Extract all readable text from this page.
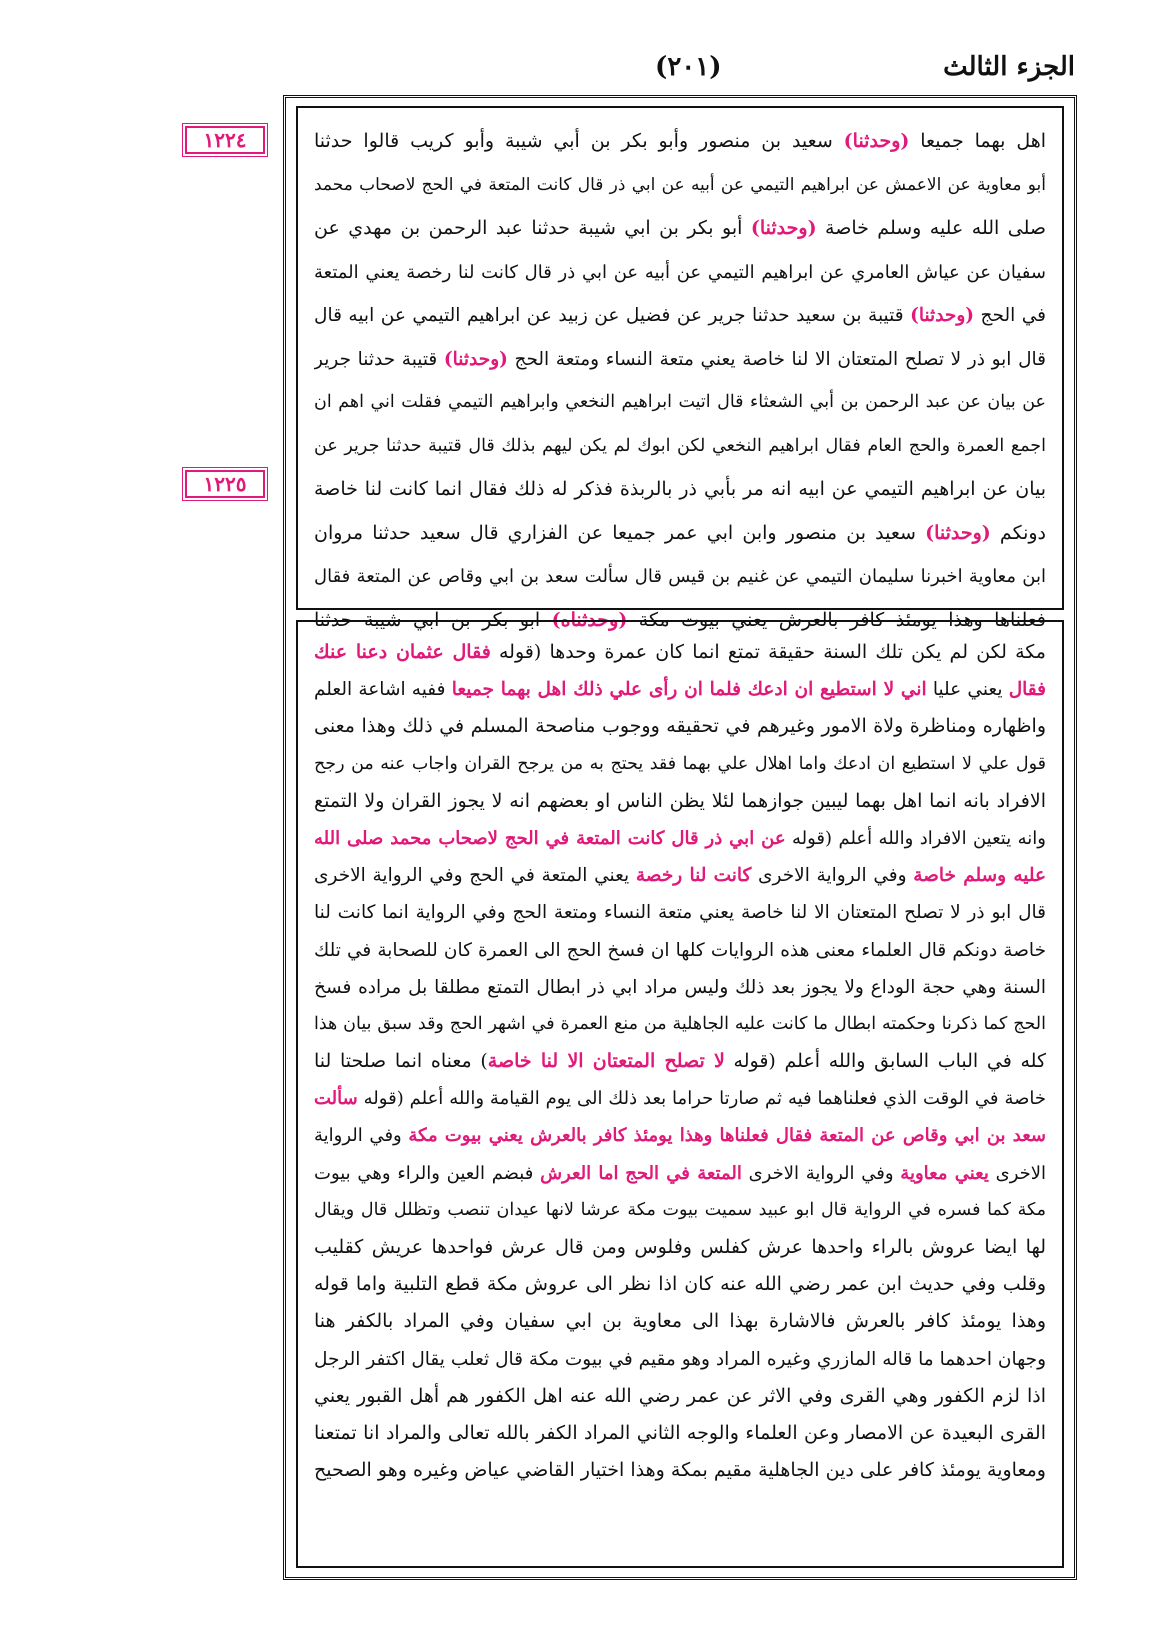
الجزء الثالث
(٢٠١)
١٢٢٤
١٢٢٥
اهل بهما جميعا (وحدثنا) سعيد بن منصور وأبو بكر بن أبي شيبة وأبو كريب قالوا حدثنا
أبو معاوية عن الاعمش عن ابراهيم التيمي عن أبيه عن ابي ذر قال كانت المتعة في الحج لاصحاب محمد
صلى الله عليه وسلم خاصة (وحدثنا) أبو بكر بن ابي شيبة حدثنا عبد الرحمن بن مهدي عن
سفيان عن عياش العامري عن ابراهيم التيمي عن أبيه عن ابي ذر قال كانت لنا رخصة يعني المتعة
في الحج (وحدثنا) قتيبة بن سعيد حدثنا جرير عن فضيل عن زبيد عن ابراهيم التيمي عن ابيه قال
قال ابو ذر لا تصلح المتعتان الا لنا خاصة يعني متعة النساء ومتعة الحج (وحدثنا) قتيبة حدثنا جرير
عن بيان عن عبد الرحمن بن أبي الشعثاء قال اتيت ابراهيم النخعي وابراهيم التيمي فقلت اني اهم ان
اجمع العمرة والحج العام فقال ابراهيم النخعي لكن ابوك لم يكن ليهم بذلك قال قتيبة حدثنا جرير عن
بيان عن ابراهيم التيمي عن ابيه انه مر بأبي ذر بالربذة فذكر له ذلك فقال انما كانت لنا خاصة
دونكم (وحدثنا) سعيد بن منصور وابن ابي عمر جميعا عن الفزاري قال سعيد حدثنا مروان
ابن معاوية اخبرنا سليمان التيمي عن غنيم بن قيس قال سألت سعد بن ابي وقاص عن المتعة فقال
فعلناها وهذا يومئذ كافر بالعرش يعني بيوت مكة (وحدثناه) ابو بكر بن ابي شيبة حدثنا
مكة لكن لم يكن تلك السنة حقيقة تمتع انما كان عمرة وحدها (قوله فقال عثمان دعنا عنك
فقال يعني عليا اني لا استطيع ان ادعك فلما ان رأى علي ذلك اهل بهما جميعا ففيه اشاعة العلم
واظهاره ومناظرة ولاة الامور وغيرهم في تحقيقه ووجوب مناصحة المسلم في ذلك وهذا معنى
قول علي لا استطيع ان ادعك واما اهلال علي بهما فقد يحتج به من يرجح القران واجاب عنه من رجح
الافراد بانه انما اهل بهما ليبين جوازهما لئلا يظن الناس او بعضهم انه لا يجوز القران ولا التمتع
وانه يتعين الافراد والله أعلم (قوله عن ابي ذر قال كانت المتعة في الحج لاصحاب محمد صلى الله
عليه وسلم خاصة وفي الرواية الاخرى كانت لنا رخصة يعني المتعة في الحج وفي الرواية الاخرى
قال ابو ذر لا تصلح المتعتان الا لنا خاصة يعني متعة النساء ومتعة الحج وفي الرواية انما كانت لنا
خاصة دونكم قال العلماء معنى هذه الروايات كلها ان فسخ الحج الى العمرة كان للصحابة في تلك
السنة وهي حجة الوداع ولا يجوز بعد ذلك وليس مراد ابي ذر ابطال التمتع مطلقا بل مراده فسخ
الحج كما ذكرنا وحكمته ابطال ما كانت عليه الجاهلية من منع العمرة في اشهر الحج وقد سبق بيان هذا
كله في الباب السابق والله أعلم (قوله لا تصلح المتعتان الا لنا خاصة) معناه انما صلحتا لنا
خاصة في الوقت الذي فعلناهما فيه ثم صارتا حراما بعد ذلك الى يوم القيامة والله أعلم (قوله سألت
سعد بن ابي وقاص عن المتعة فقال فعلناها وهذا يومئذ كافر بالعرش يعني بيوت مكة وفي الرواية
الاخرى يعني معاوية وفي الرواية الاخرى المتعة في الحج اما العرش فبضم العين والراء وهي بيوت
مكة كما فسره في الرواية قال ابو عبيد سميت بيوت مكة عرشا لانها عيدان تنصب وتظلل قال ويقال
لها ايضا عروش بالراء واحدها عرش كفلس وفلوس ومن قال عرش فواحدها عريش كقليب
وقلب وفي حديث ابن عمر رضي الله عنه كان اذا نظر الى عروش مكة قطع التلبية واما قوله
وهذا يومئذ كافر بالعرش فالاشارة بهذا الى معاوية بن ابي سفيان وفي المراد بالكفر هنا
وجهان احدهما ما قاله المازري وغيره المراد وهو مقيم في بيوت مكة قال ثعلب يقال اكتفر الرجل
اذا لزم الكفور وهي القرى وفي الاثر عن عمر رضي الله عنه اهل الكفور هم أهل القبور يعني
القرى البعيدة عن الامصار وعن العلماء والوجه الثاني المراد الكفر بالله تعالى والمراد انا تمتعنا
ومعاوية يومئذ كافر على دين الجاهلية مقيم بمكة وهذا اختيار القاضي عياض وغيره وهو الصحيح
